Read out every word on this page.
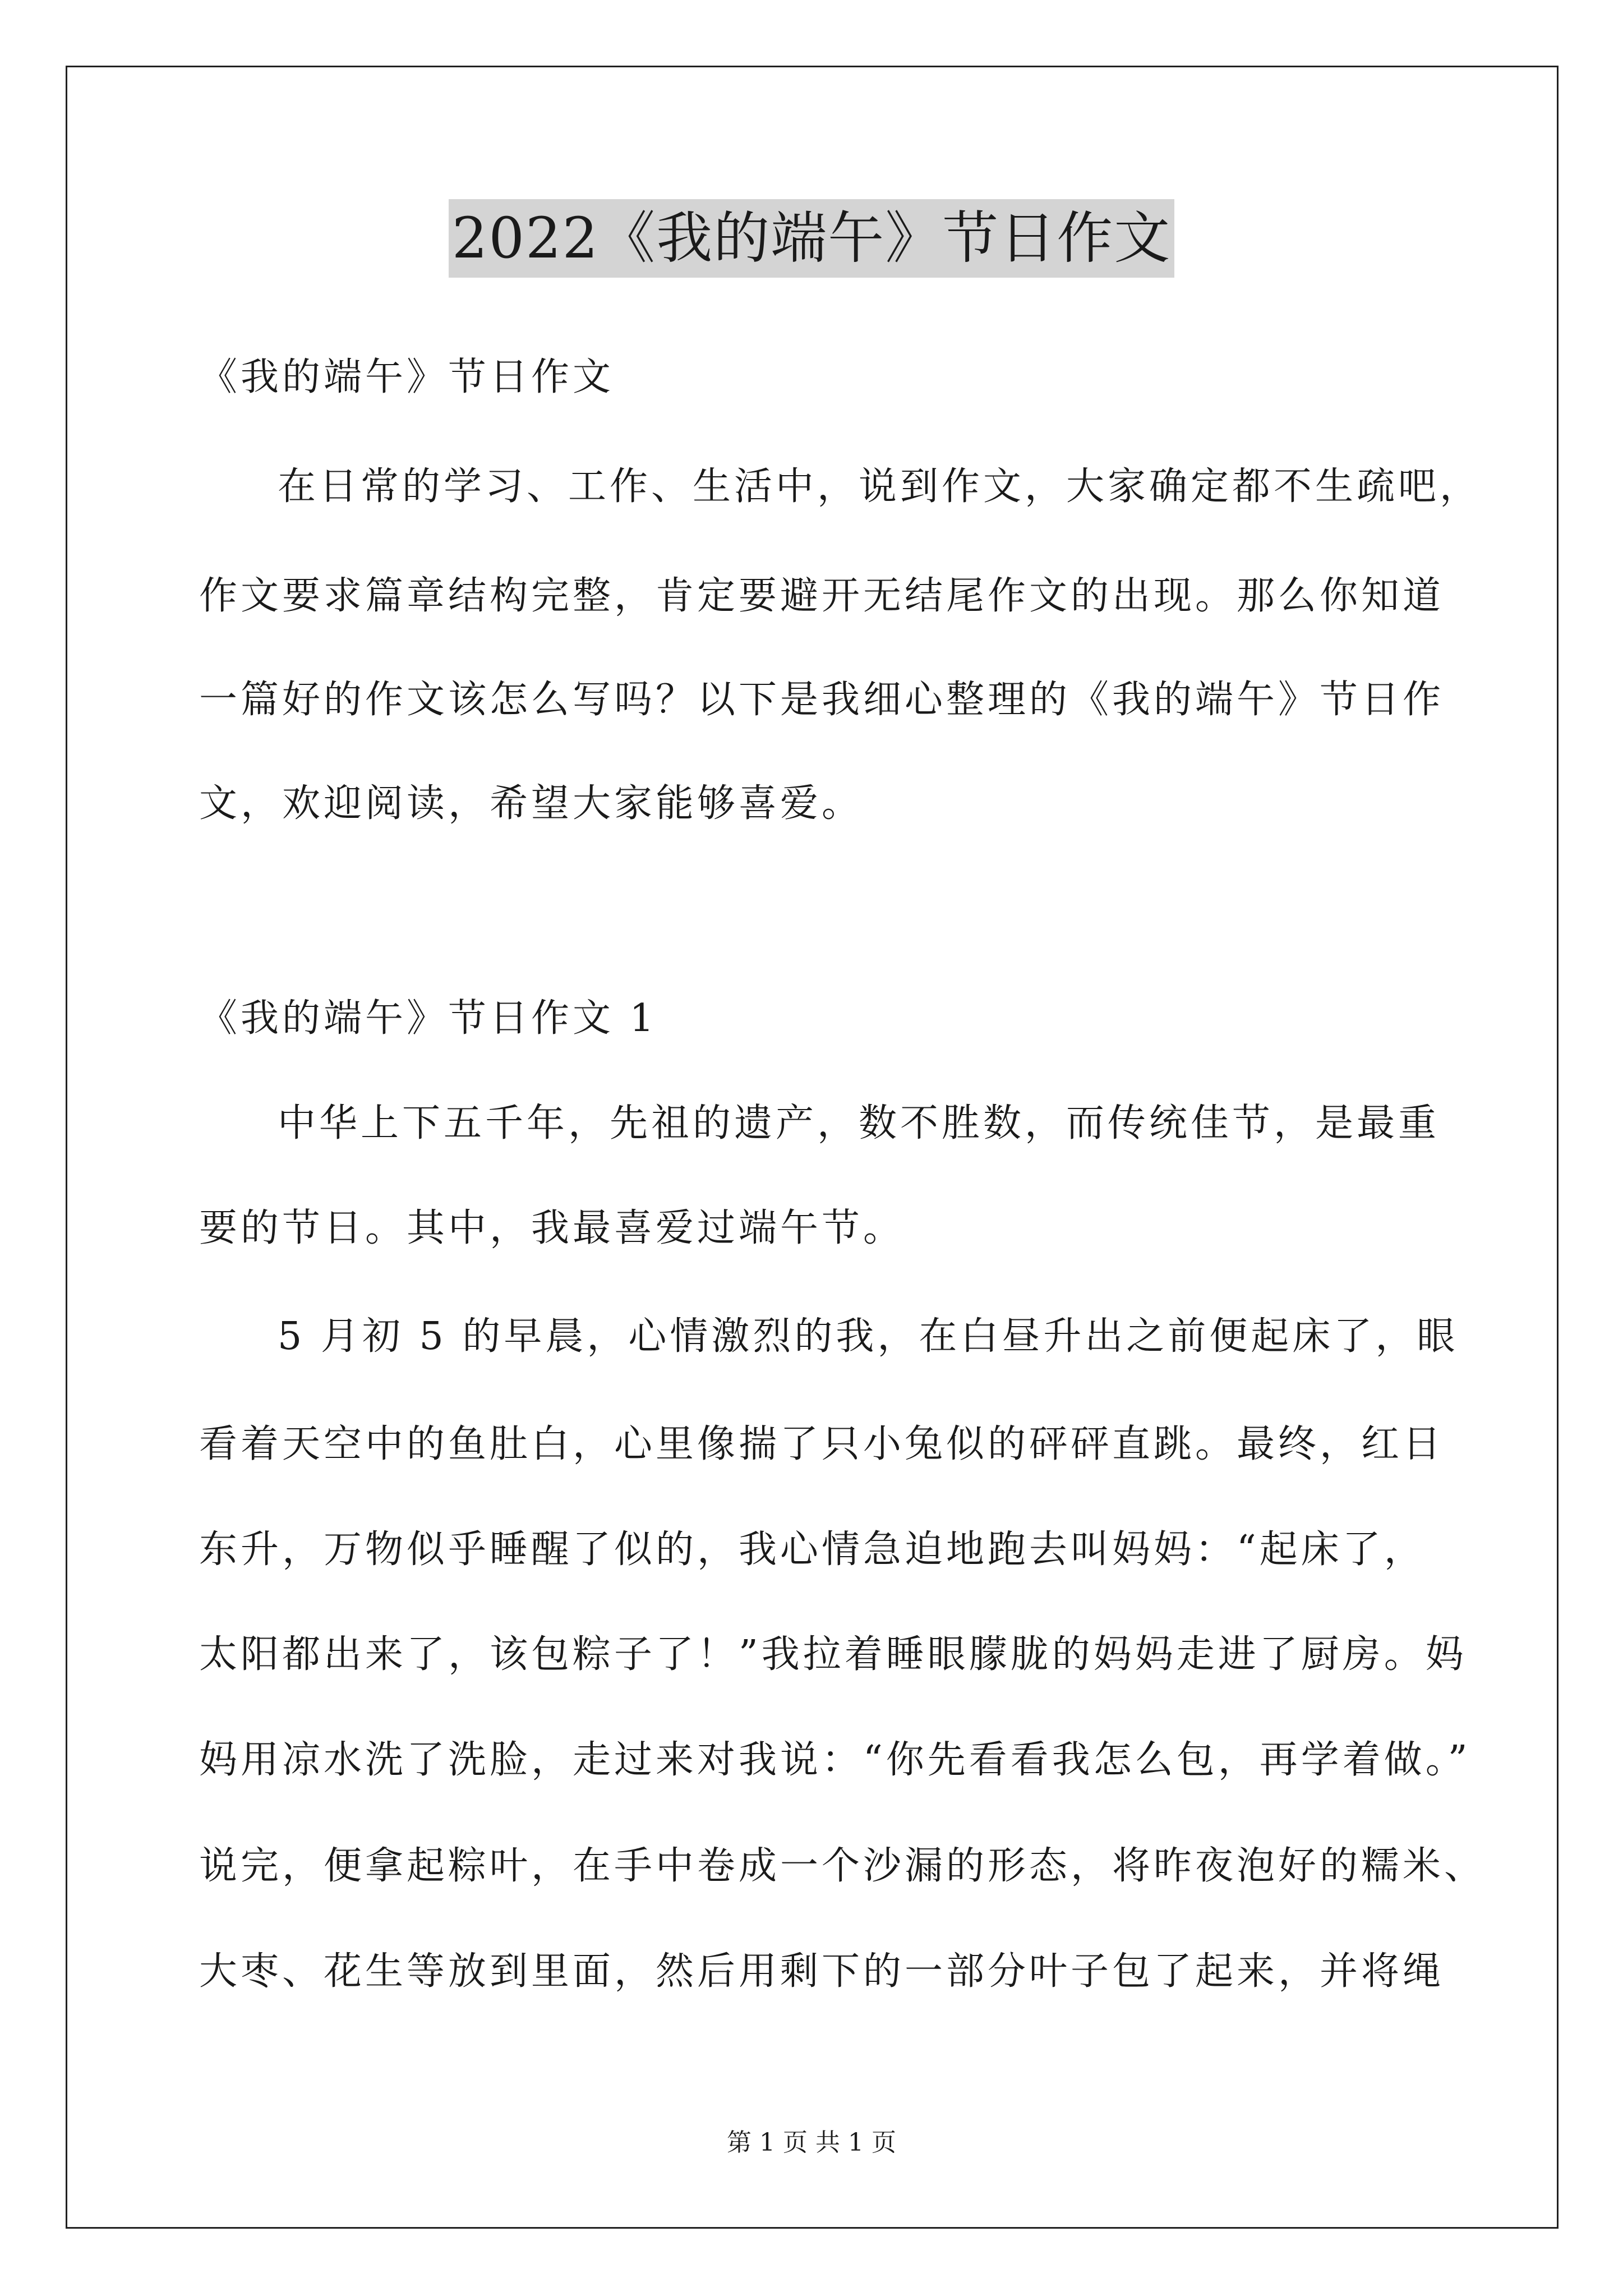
2022《我的端午》节日作文
《我的端午》节日作文
在日常的学习、工作、生活中，说到作文，大家确定都不生疏吧，
作文要求篇章结构完整，肯定要避开无结尾作文的出现。那么你知道
一篇好的作文该怎么写吗？以下是我细心整理的《我的端午》节日作
文，欢迎阅读，希望大家能够喜爱。
《我的端午》节日作文 1
中华上下五千年，先祖的遗产，数不胜数，而传统佳节，是最重
要的节日。其中，我最喜爱过端午节。
5 月初 5 的早晨，心情激烈的我，在白昼升出之前便起床了，眼
看着天空中的鱼肚白，心里像揣了只小兔似的砰砰直跳。最终，红日
东升，万物似乎睡醒了似的，我心情急迫地跑去叫妈妈：“起床了，
太阳都出来了，该包粽子了！”我拉着睡眼朦胧的妈妈走进了厨房。妈
妈用凉水洗了洗脸，走过来对我说：“你先看看我怎么包，再学着做。”
说完，便拿起粽叶，在手中卷成一个沙漏的形态，将昨夜泡好的糯米、
大枣、花生等放到里面，然后用剩下的一部分叶子包了起来，并将绳
第 1 页 共 1 页
